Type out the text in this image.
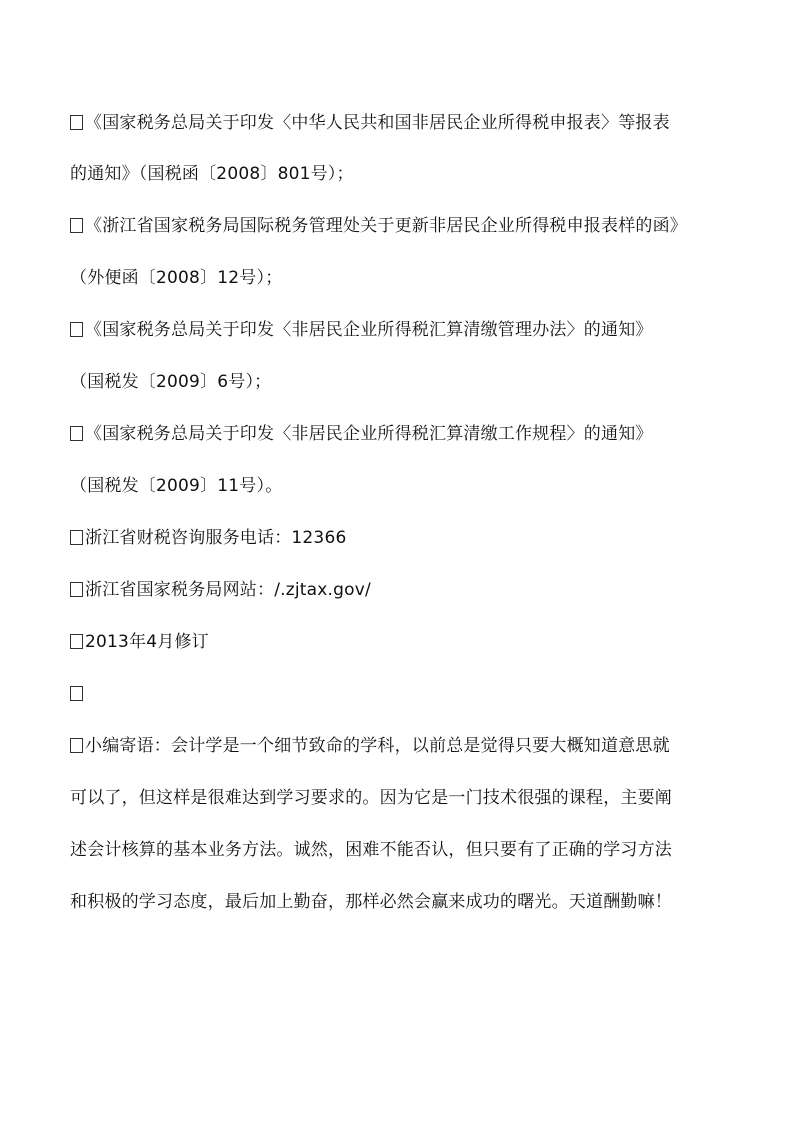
《国家税务总局关于印发〈中华人民共和国非居民企业所得税申报表〉等报表
的通知》（国税函〔2008〕801号）；
《浙江省国家税务局国际税务管理处关于更新非居民企业所得税申报表样的函》
（外便函〔2008〕12号）；
《国家税务总局关于印发〈非居民企业所得税汇算清缴管理办法〉的通知》
（国税发〔2009〕6号）；
《国家税务总局关于印发〈非居民企业所得税汇算清缴工作规程〉的通知》
（国税发〔2009〕11号）。
浙江省财税咨询服务电话：12366
浙江省国家税务局网站：/.zjtax.gov/
2013年4月修订
小编寄语：会计学是一个细节致命的学科，以前总是觉得只要大概知道意思就
可以了，但这样是很难达到学习要求的。因为它是一门技术很强的课程，主要阐
述会计核算的基本业务方法。诚然，困难不能否认，但只要有了正确的学习方法
和积极的学习态度，最后加上勤奋，那样必然会赢来成功的曙光。天道酬勤嘛！
